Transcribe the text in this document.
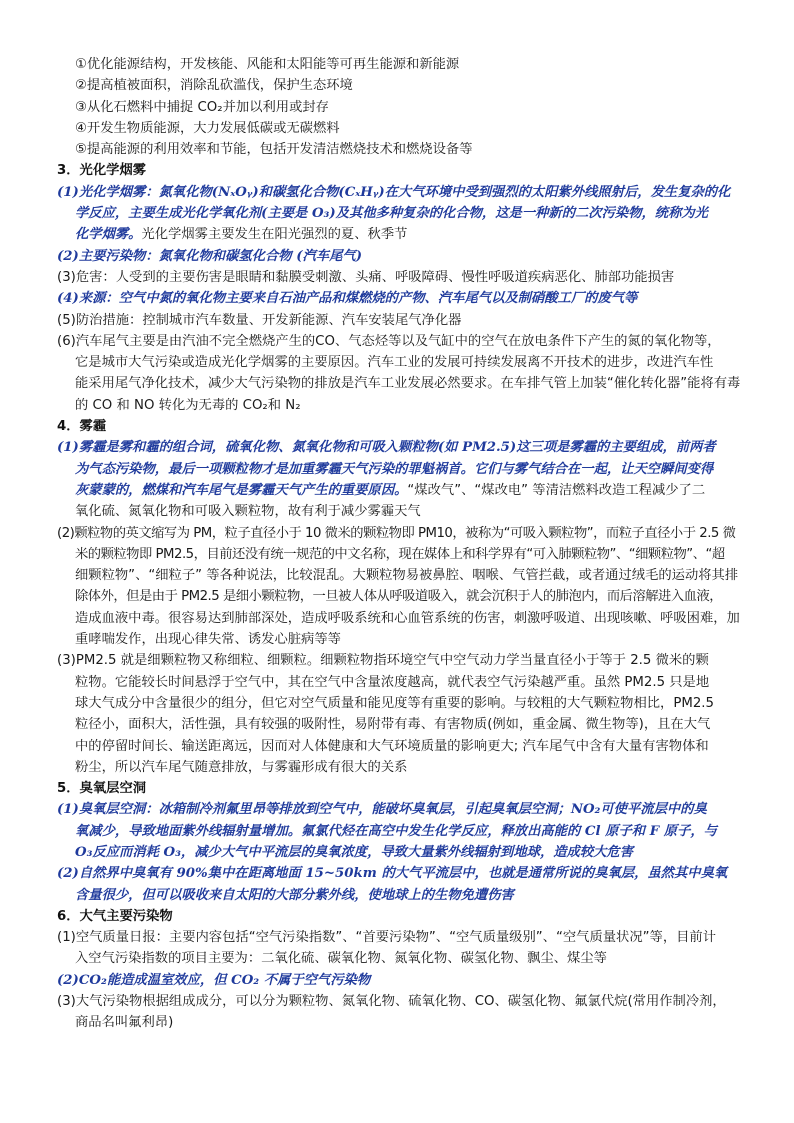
①优化能源结构，开发核能、风能和太阳能等可再生能源和新能源
②提高植被面积，消除乱砍滥伐，保护生态环境
③从化石燃料中捕捉 CO₂并加以利用或封存
④开发生物质能源，大力发展低碳或无碳燃料
⑤提高能源的利用效率和节能，包括开发清洁燃烧技术和燃烧设备等
3．光化学烟雾
(1)光化学烟雾：氮氧化物(NₓOᵧ)和碳氢化合物(CₓHᵧ)在大气环境中受到强烈的太阳紫外线照射后，发生复杂的化
学反应，主要生成光化学氧化剂(主要是 O₃)及其他多种复杂的化合物，这是一种新的二次污染物，统称为光
化学烟雾。光化学烟雾主要发生在阳光强烈的夏、秋季节
(2)主要污染物：氮氧化物和碳氢化合物 (汽车尾气)
(3)危害：人受到的主要伤害是眼睛和黏膜受刺激、头痛、呼吸障碍、慢性呼吸道疾病恶化、肺部功能损害
(4)来源：空气中氮的氧化物主要来自石油产品和煤燃烧的产物、汽车尾气以及制硝酸工厂的废气等
(5)防治措施：控制城市汽车数量、开发新能源、汽车安装尾气净化器
(6)汽车尾气主要是由汽油不完全燃烧产生的CO、气态烃等以及气缸中的空气在放电条件下产生的氮的氧化物等，
它是城市大气污染或造成光化学烟雾的主要原因。汽车工业的发展可持续发展离不开技术的进步，改进汽车性
能采用尾气净化技术，减少大气污染物的排放是汽车工业发展必然要求。在车排气管上加装“催化转化器”能将有毒
的 CO 和 NO 转化为无毒的 CO₂和 N₂
4．雾霾
(1)雾霾是雾和霾的组合词，硫氧化物、氮氧化物和可吸入颗粒物(如 PM2.5)这三项是雾霾的主要组成，前两者
为气态污染物，最后一项颗粒物才是加重雾霾天气污染的罪魁祸首。它们与雾气结合在一起，让天空瞬间变得
灰蒙蒙的，燃煤和汽车尾气是雾霾天气产生的重要原因。“煤改气”、“煤改电” 等清洁燃料改造工程减少了二
氧化硫、氮氧化物和可吸入颗粒物，故有利于减少雾霾天气
(2)颗粒物的英文缩写为 PM，粒子直径小于 10 微米的颗粒物即 PM10，被称为“可吸入颗粒物”，而粒子直径小于 2.5 微
米的颗粒物即 PM2.5，目前还没有统一规范的中文名称，现在媒体上和科学界有“可入肺颗粒物”、“细颗粒物”、“超
细颗粒物”、“细粒子” 等各种说法，比较混乱。大颗粒物易被鼻腔、咽喉、气管拦截，或者通过绒毛的运动将其排
除体外，但是由于 PM2.5 是细小颗粒物，一旦被人体从呼吸道吸入，就会沉积于人的肺泡内，而后溶解进入血液，
造成血液中毒。很容易达到肺部深处，造成呼吸系统和心血管系统的伤害，刺激呼吸道、出现咳嗽、呼吸困难，加
重哮喘发作，出现心律失常、诱发心脏病等等
(3)PM2.5 就是细颗粒物又称细粒、细颗粒。细颗粒物指环境空气中空气动力学当量直径小于等于 2.5 微米的颗
粒物。它能较长时间悬浮于空气中，其在空气中含量浓度越高，就代表空气污染越严重。虽然 PM2.5 只是地
球大气成分中含量很少的组分，但它对空气质量和能见度等有重要的影响。与较粗的大气颗粒物相比，PM2.5
粒径小，面积大，活性强，具有较强的吸附性，易附带有毒、有害物质(例如，重金属、微生物等)，且在大气
中的停留时间长、输送距离远，因而对人体健康和大气环境质量的影响更大; 汽车尾气中含有大量有害物体和
粉尘，所以汽车尾气随意排放，与雾霾形成有很大的关系
5．臭氧层空洞
(1)臭氧层空洞：冰箱制冷剂氟里昂等排放到空气中，能破坏臭氧层，引起臭氧层空洞；NO₂可使平流层中的臭
氧减少，导致地面紫外线辐射量增加。氟氯代烃在高空中发生化学反应，释放出高能的 Cl 原子和 F 原子，与
O₃反应而消耗 O₃，减少大气中平流层的臭氧浓度，导致大量紫外线辐射到地球，造成较大危害
(2)自然界中臭氧有 90%集中在距离地面 15~50km 的大气平流层中，也就是通常所说的臭氧层，虽然其中臭氧
含量很少，但可以吸收来自太阳的大部分紫外线，使地球上的生物免遭伤害
6．大气主要污染物
(1)空气质量日报：主要内容包括“空气污染指数”、“首要污染物”、“空气质量级别”、“空气质量状况”等，目前计
入空气污染指数的项目主要为：二氧化硫、碳氧化物、氮氧化物、碳氢化物、飘尘、煤尘等
(2)CO₂能造成温室效应，但 CO₂ 不属于空气污染物
(3)大气污染物根据组成成分，可以分为颗粒物、氮氧化物、硫氧化物、CO、碳氢化物、氟氯代烷(常用作制冷剂，
商品名叫氟利昂)
